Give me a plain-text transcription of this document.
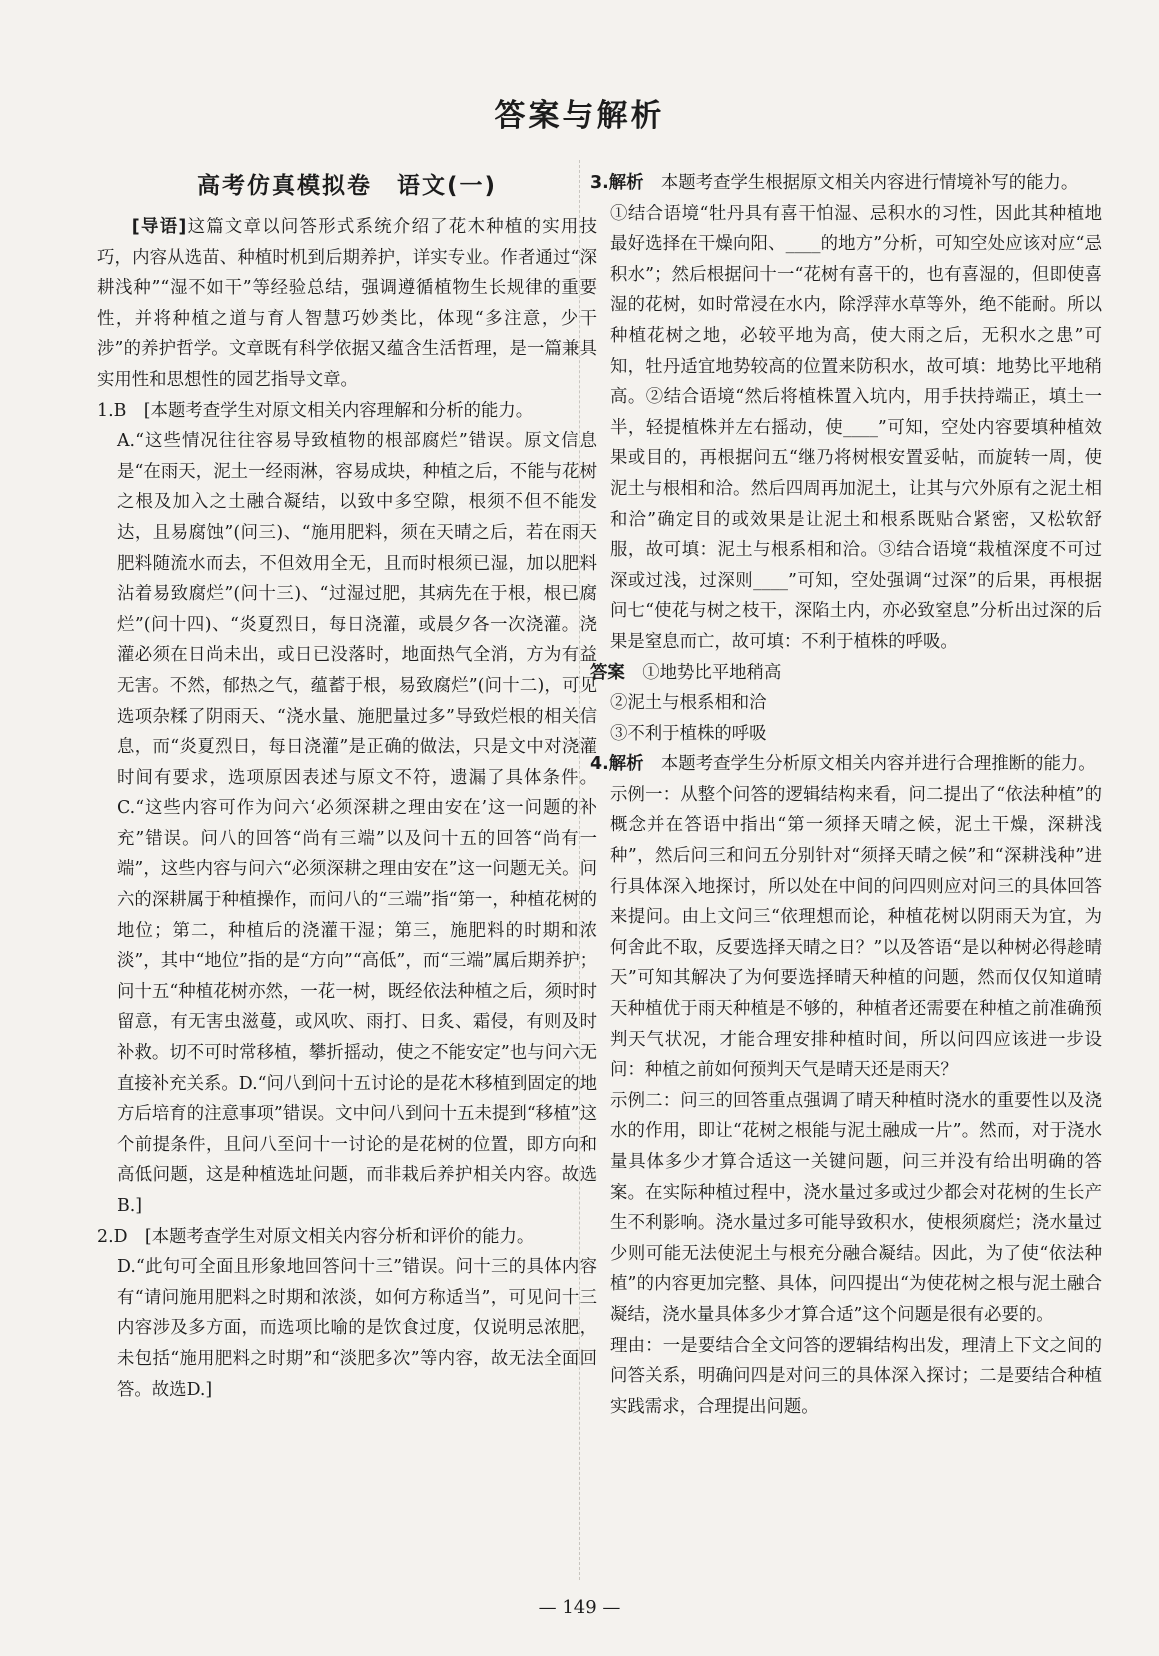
答案与解析
高考仿真模拟卷　语文(一)

[导语]这篇文章以问答形式系统介绍了花木种植的实用技巧，内容从选苗、种植时机到后期养护，详实专业。作者通过“深耕浅种”“湿不如干”等经验总结，强调遵循植物生长规律的重要性，并将种植之道与育人智慧巧妙类比，体现“多注意，少干涉”的养护哲学。文章既有科学依据又蕴含生活哲理，是一篇兼具实用性和思想性的园艺指导文章。

1.B　[本题考查学生对原文相关内容理解和分析的能力。

A.“这些情况往往容易导致植物的根部腐烂”错误。原文信息是“在雨天，泥土一经雨淋，容易成块，种植之后，不能与花树之根及加入之土融合凝结，以致中多空隙，根须不但不能发达，且易腐蚀”(问三)、“施用肥料，须在天晴之后，若在雨天肥料随流水而去，不但效用全无，且而时根须已湿，加以肥料沾着易致腐烂”(问十三)、“过湿过肥，其病先在于根，根已腐烂”(问十四)、“炎夏烈日，每日浇灌，或晨夕各一次浇灌。浇灌必须在日尚未出，或日已没落时，地面热气全消，方为有益无害。不然，郁热之气，蕴蓄于根，易致腐烂”(问十二)，可见选项杂糅了阴雨天、“浇水量、施肥量过多”导致烂根的相关信息，而“炎夏烈日，每日浇灌”是正确的做法，只是文中对浇灌时间有要求，选项原因表述与原文不符，遗漏了具体条件。C.“这些内容可作为问六‘必须深耕之理由安在’这一问题的补充”错误。问八的回答“尚有三端”以及问十五的回答“尚有一端”，这些内容与问六“必须深耕之理由安在”这一问题无关。问六的深耕属于种植操作，而问八的“三端”指“第一，种植花树的地位；第二，种植后的浇灌干湿；第三，施肥料的时期和浓淡”，其中“地位”指的是“方向”“高低”，而“三端”属后期养护；问十五“种植花树亦然，一花一树，既经依法种植之后，须时时留意，有无害虫滋蔓，或风吹、雨打、日炙、霜侵，有则及时补救。切不可时常移植，攀折摇动，使之不能安定”也与问六无直接补充关系。D.“问八到问十五讨论的是花木移植到固定的地方后培育的注意事项”错误。文中问八到问十五未提到“移植”这个前提条件，且问八至问十一讨论的是花树的位置，即方向和高低问题，这是种植选址问题，而非栽后养护相关内容。故选B.]

2.D　[本题考查学生对原文相关内容分析和评价的能力。

D.“此句可全面且形象地回答问十三”错误。问十三的具体内容有“请问施用肥料之时期和浓淡，如何方称适当”，可见问十三内容涉及多方面，而选项比喻的是饮食过度，仅说明忌浓肥，未包括“施用肥料之时期”和“淡肥多次”等内容，故无法全面回答。故选D.]

3.解析　 本题考查学生根据原文相关内容进行情境补写的能力。

①结合语境“牡丹具有喜干怕湿、忌积水的习性，因此其种植地最好选择在干燥向阳、____的地方”分析，可知空处应该对应“忌积水”；然后根据问十一“花树有喜干的，也有喜湿的，但即使喜湿的花树，如时常浸在水内，除浮萍水草等外，绝不能耐。所以种植花树之地，必较平地为高，使大雨之后，无积水之患”可知，牡丹适宜地势较高的位置来防积水，故可填：地势比平地稍高。②结合语境“然后将植株置入坑内，用手扶持端正，填土一半，轻提植株并左右摇动，使____”可知，空处内容要填种植效果或目的，再根据问五“继乃将树根安置妥帖，而旋转一周，使泥土与根相和洽。然后四周再加泥土，让其与穴外原有之泥土相和洽”确定目的或效果是让泥土和根系既贴合紧密，又松软舒服，故可填：泥土与根系相和洽。③结合语境“栽植深度不可过深或过浅，过深则____”可知，空处强调“过深”的后果，再根据问七“使花与树之枝干，深陷土内，亦必致窒息”分析出过深的后果是窒息而亡，故可填：不利于植株的呼吸。

答案　 ①地势比平地稍高

②泥土与根系相和洽

③不利于植株的呼吸

4.解析　 本题考查学生分析原文相关内容并进行合理推断的能力。

示例一：从整个问答的逻辑结构来看，问二提出了“依法种植”的概念并在答语中指出“第一须择天晴之候，泥土干燥，深耕浅种”，然后问三和问五分别针对“须择天晴之候”和“深耕浅种”进行具体深入地探讨，所以处在中间的问四则应对问三的具体回答来提问。由上文问三“依理想而论，种植花树以阴雨天为宜，为何舍此不取，反要选择天晴之日？”以及答语“是以种树必得趁晴天”可知其解决了为何要选择晴天种植的问题，然而仅仅知道晴天种植优于雨天种植是不够的，种植者还需要在种植之前准确预判天气状况，才能合理安排种植时间，所以问四应该进一步设问：种植之前如何预判天气是晴天还是雨天？

示例二：问三的回答重点强调了晴天种植时浇水的重要性以及浇水的作用，即让“花树之根能与泥土融成一片”。然而，对于浇水量具体多少才算合适这一关键问题，问三并没有给出明确的答案。在实际种植过程中，浇水量过多或过少都会对花树的生长产生不利影响。浇水量过多可能导致积水，使根须腐烂；浇水量过少则可能无法使泥土与根充分融合凝结。因此，为了使“依法种植”的内容更加完整、具体，问四提出“为使花树之根与泥土融合凝结，浇水量具体多少才算合适”这个问题是很有必要的。

理由：一是要结合全文问答的逻辑结构出发，理清上下文之间的问答关系，明确问四是对问三的具体深入探讨；二是要结合种植实践需求，合理提出问题。

— 149 —
